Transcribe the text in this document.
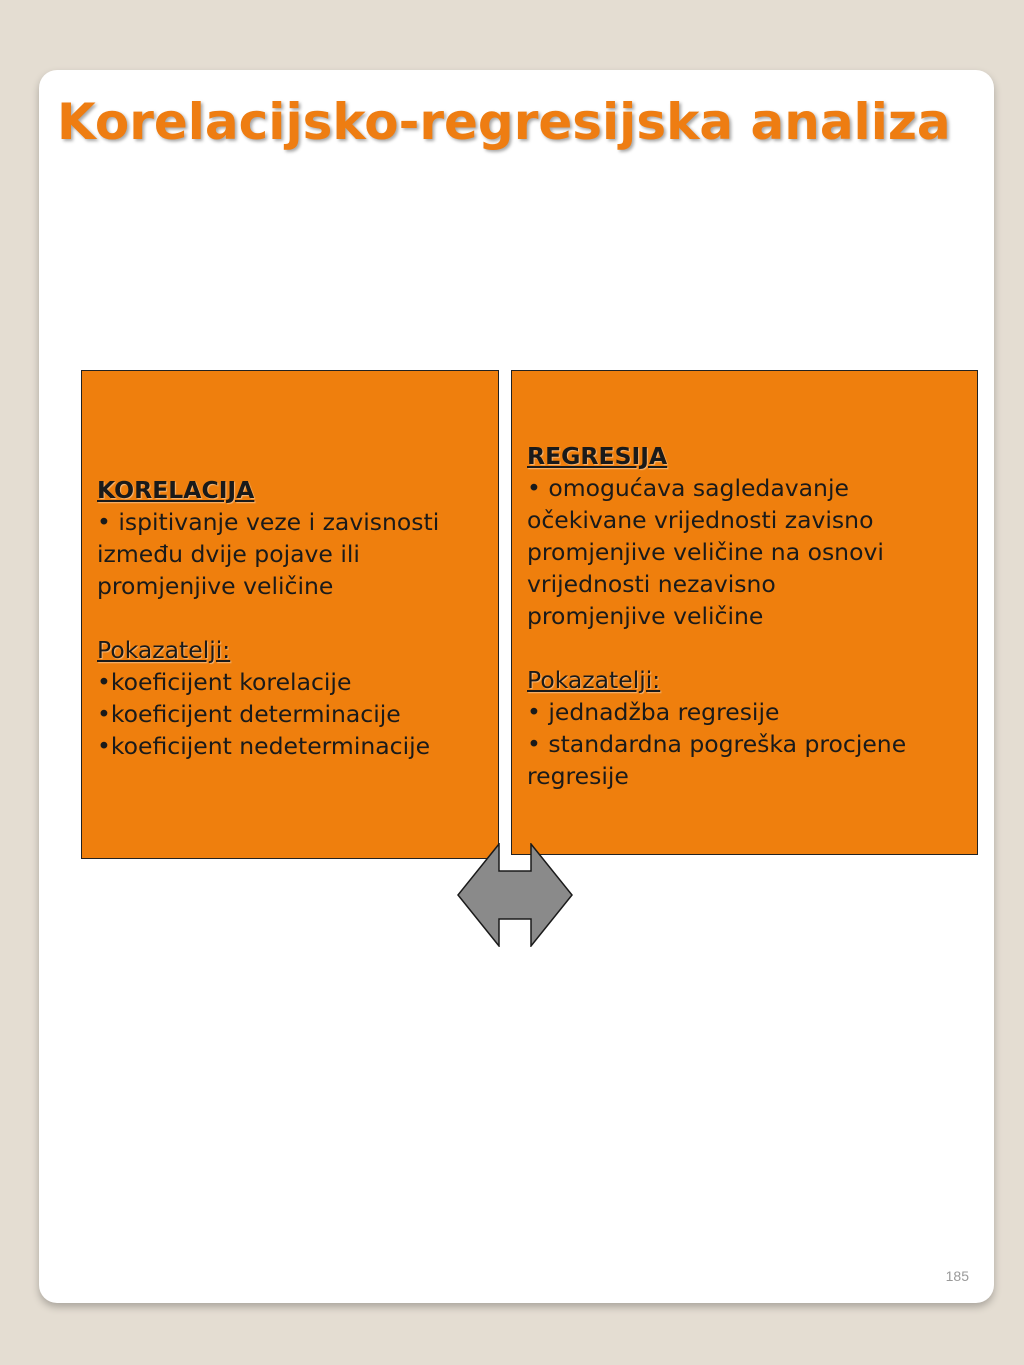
Korelacijsko-regresijska analiza
KORELACIJA
• ispitivanje veze i zavisnosti
između dvije pojave ili
promjenjive veličine
Pokazatelji:
•koeficijent korelacije
•koeficijent determinacije
•koeficijent nedeterminacije
REGRESIJA
• omogućava sagledavanje
očekivane vrijednosti zavisno
promjenjive veličine na osnovi
vrijednosti nezavisno
promjenjive veličine
Pokazatelji:
• jednadžba regresije
• standardna pogreška procjene
regresije
185
